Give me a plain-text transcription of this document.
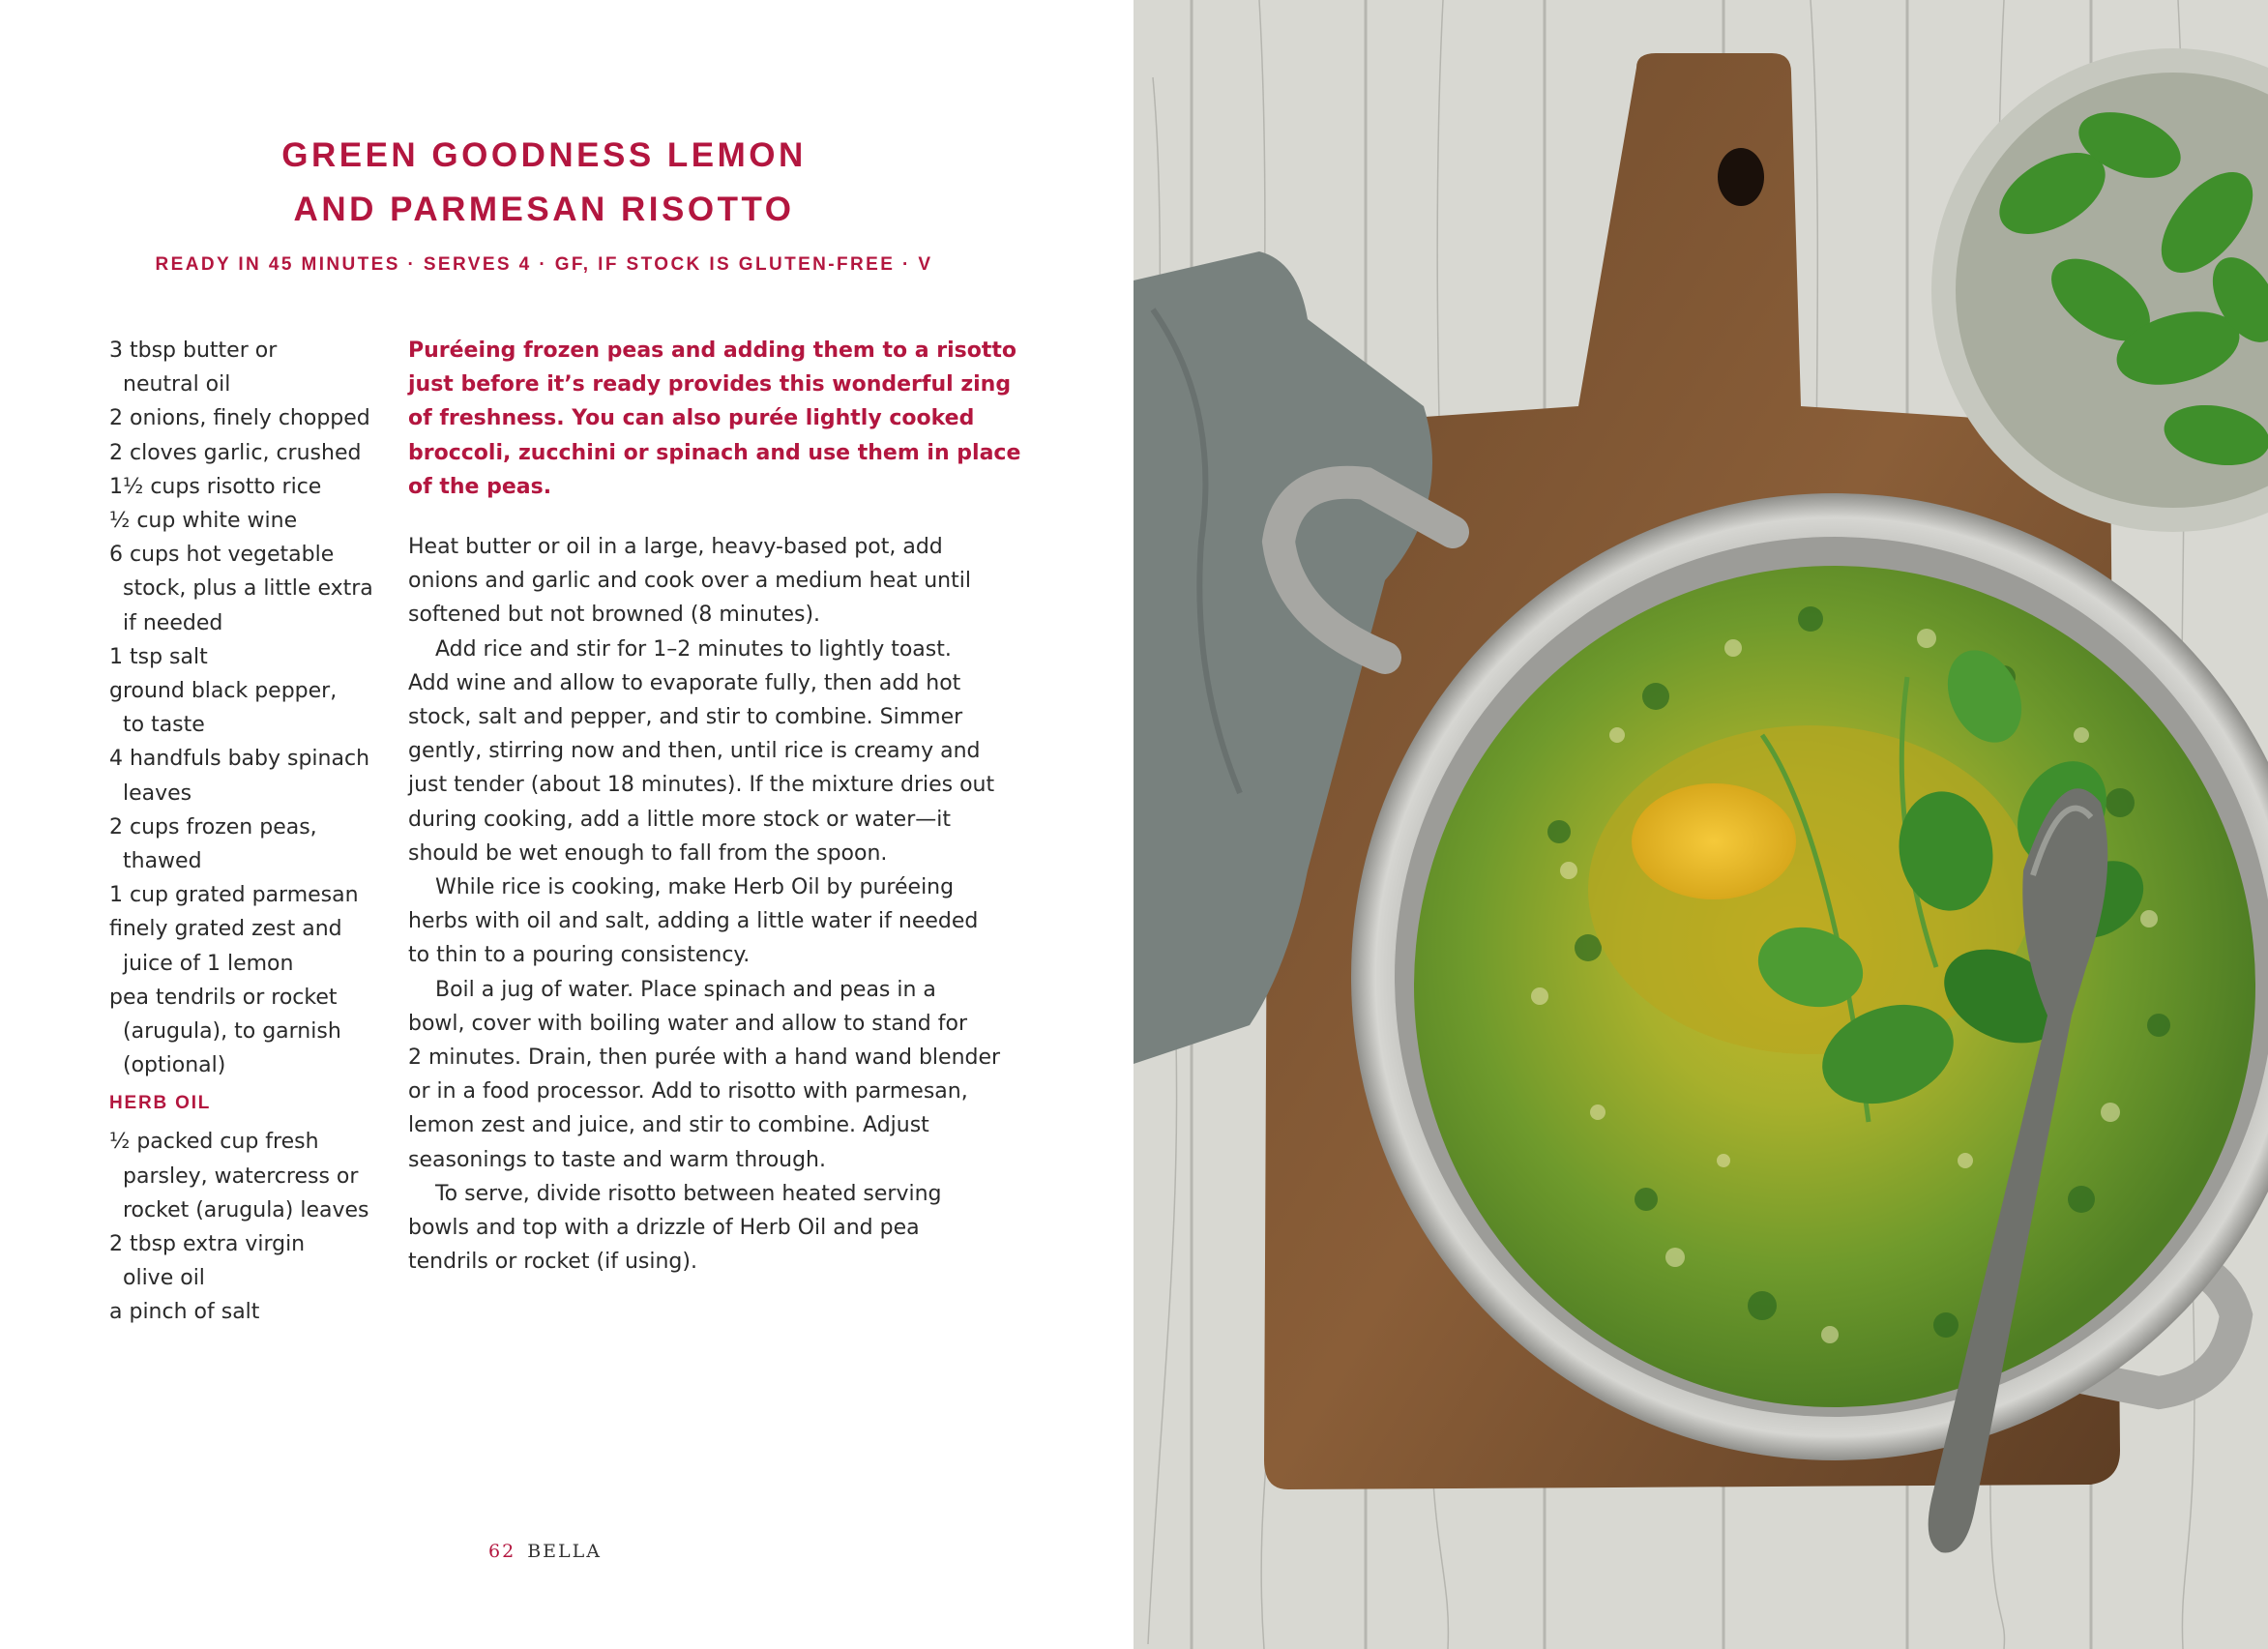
GREEN GOODNESS LEMON
AND PARMESAN RISOTTO

READY IN 45 MINUTES · SERVES 4 · GF, IF STOCK IS GLUTEN-FREE · V

3 tbsp butter or
neutral oil
2 onions, finely chopped
2 cloves garlic, crushed
1½ cups risotto rice
½ cup white wine
6 cups hot vegetable
stock, plus a little extra
if needed
1 tsp salt
ground black pepper,
to taste
4 handfuls baby spinach
leaves
2 cups frozen peas,
thawed
1 cup grated parmesan
finely grated zest and
juice of 1 lemon
pea tendrils or rocket
(arugula), to garnish
(optional)
HERB OIL
½ packed cup fresh
parsley, watercress or
rocket (arugula) leaves
2 tbsp extra virgin
olive oil
a pinch of salt
Puréeing frozen peas and adding them to a risotto
just before it’s ready provides this wonderful zing
of freshness. You can also purée lightly cooked
broccoli, zucchini or spinach and use them in place
of the peas.
Heat butter or oil in a large, heavy-based pot, add
onions and garlic and cook over a medium heat until
softened but not browned (8 minutes).
Add rice and stir for 1–2 minutes to lightly toast.
Add wine and allow to evaporate fully, then add hot
stock, salt and pepper, and stir to combine. Simmer
gently, stirring now and then, until rice is creamy and
just tender (about 18 minutes). If the mixture dries out
during cooking, add a little more stock or water—it
should be wet enough to fall from the spoon.
While rice is cooking, make Herb Oil by puréeing
herbs with oil and salt, adding a little water if needed
to thin to a pouring consistency.
Boil a jug of water. Place spinach and peas in a
bowl, cover with boiling water and allow to stand for
2 minutes. Drain, then purée with a hand wand blender
or in a food processor. Add to risotto with parmesan,
lemon zest and juice, and stir to combine. Adjust
seasonings to taste and warm through.
To serve, divide risotto between heated serving
bowls and top with a drizzle of Herb Oil and pea
tendrils or rocket (if using).
62 BELLA
